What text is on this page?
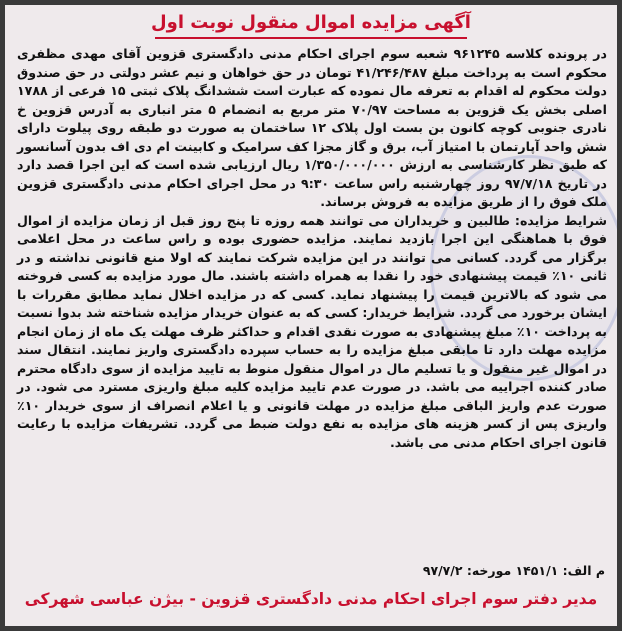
آگهی مزایده اموال منقول نوبت اول

در پرونده کلاسه ۹۶۱۲۴۵ شعبه سوم اجرای احکام مدنی دادگستری قزوین آقای مهدی مظفری محکوم است به پرداخت مبلغ ۴۱/۲۴۶/۴۸۷ تومان در حق خواهان و نیم عشر دولتی در حق صندوق دولت محکوم له اقدام به تعرفه مال نموده که عبارت است ششدانگ پلاک ثبتی ۱۵ فرعی از ۱۷۸۸ اصلی بخش یک قزوین به مساحت ۷۰/۹۷ متر مربع به انضمام ۵ متر انباری به آدرس قزوین خ نادری جنوبی کوچه کانون بن بست اول پلاک ۱۲ ساختمان به صورت دو طبقه روی پیلوت دارای شش واحد آپارتمان با امتیاز آب، برق و گاز مجزا کف سرامیک و کابینت ام دی اف بدون آسانسور که طبق نظر کارشناسی به ارزش ۱/۳۵۰/۰۰۰/۰۰۰ ریال ارزیابی شده است که این اجرا قصد دارد در تاریخ ۹۷/۷/۱۸ روز چهارشنبه راس ساعت ۹:۳۰ در محل اجرای احکام مدنی دادگستری قزوین ملک فوق را از طریق مزایده به فروش برساند.

شرایط مزایده: طالبین و خریداران می توانند همه روزه تا پنج روز قبل از زمان مزایده از اموال فوق با هماهنگی این اجرا بازدید نمایند. مزایده حضوری بوده و راس ساعت در محل اعلامی برگزار می گردد. کسانی می توانند در این مزایده شرکت نمایند که اولا منع قانونی نداشته و در ثانی ۱۰٪ قیمت پیشنهادی خود را نقدا به همراه داشته باشند. مال مورد مزایده به کسی فروخته می شود که بالاترین قیمت را پیشنهاد نماید. کسی که در مزایده اخلال نماید مطابق مقررات با ایشان برخورد می گردد. شرایط خریدار: کسی که به عنوان خریدار مزایده شناخته شد بدوا نسبت به پرداخت ۱۰٪ مبلغ پیشنهادی به صورت نقدی اقدام و حداکثر ظرف مهلت یک ماه از زمان انجام مزایده مهلت دارد تا مابقی مبلغ مزایده را به حساب سپرده دادگستری واریز نمایند. انتقال سند در اموال غیر منقول و یا تسلیم مال در اموال منقول منوط به تایید مزایده از سوی دادگاه محترم صادر کننده اجراییه می باشد. در صورت عدم تایید مزایده کلیه مبلغ واریزی مسترد می شود. در صورت عدم واریز الباقی مبلغ مزایده در مهلت قانونی و یا اعلام انصراف از سوی خریدار ۱۰٪ واریزی پس از کسر هزینه های مزایده به نفع دولت ضبط می گردد. تشریفات مزایده با رعایت قانون اجرای احکام مدنی می باشد.

م الف: ۱۴۵۱/۱ مورخه: ۹۷/۷/۲
مدیر دفتر سوم اجرای احکام مدنی دادگستری قزوین - بیژن عباسی شهرکی
